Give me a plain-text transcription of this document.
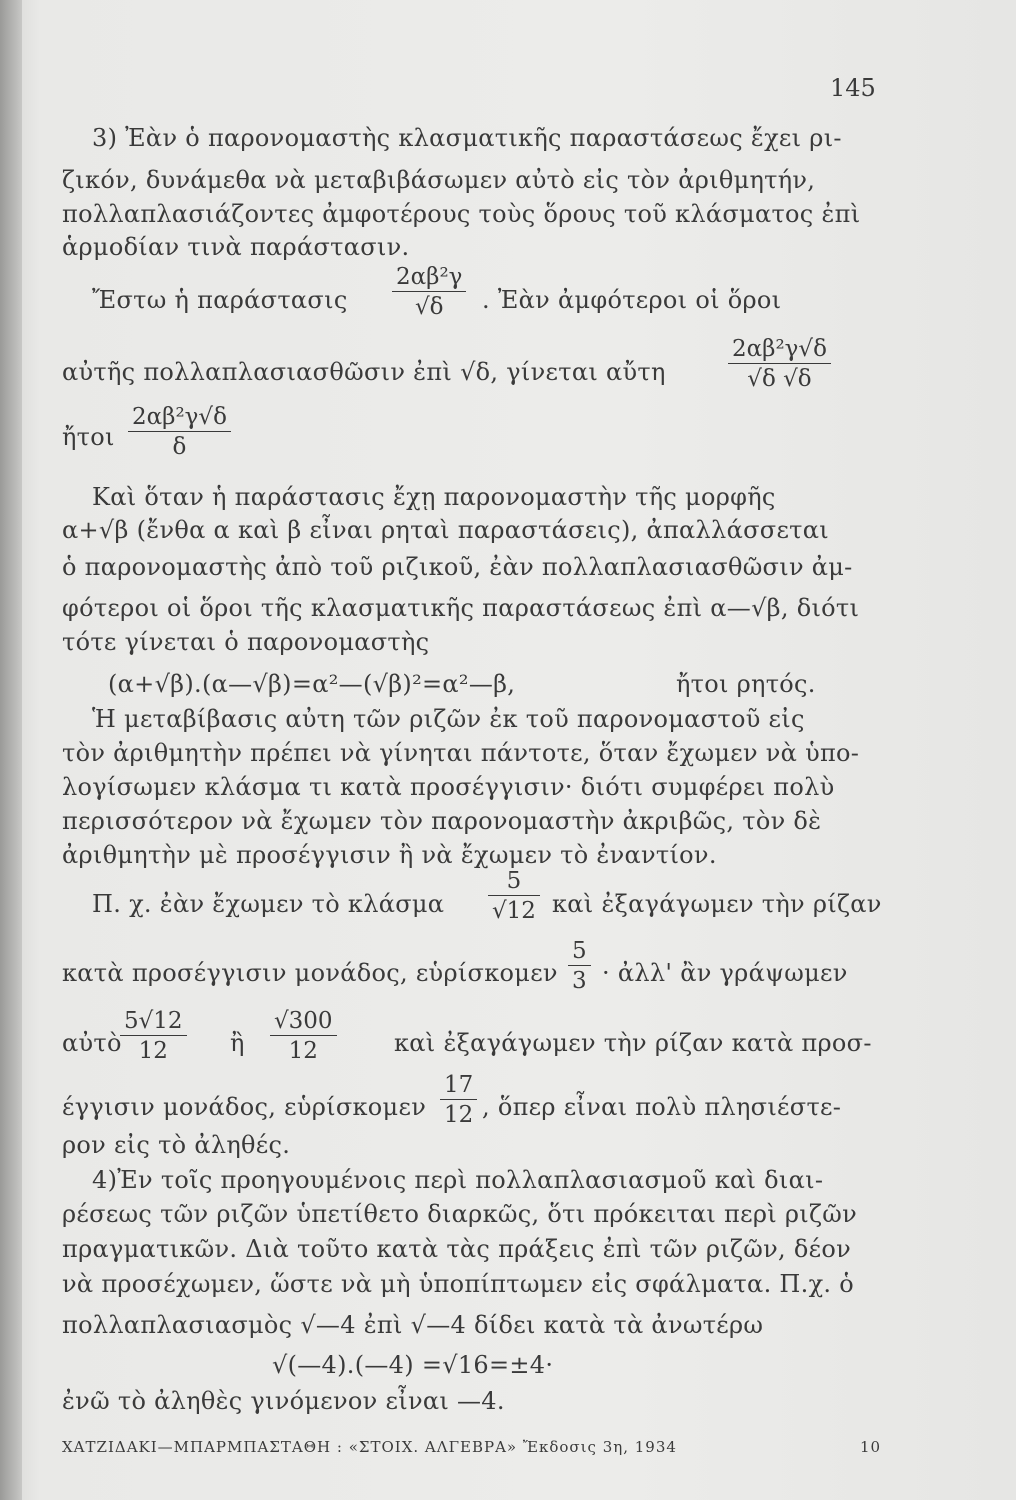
145
3) Ἐὰν ὁ παρονομαστὴς κλασματικῆς παραστάσεως ἔχει ρι-
ζικόν, δυνάμεθα νὰ μεταβιβάσωμεν αὐτὸ εἰς τὸν ἀριθμητήν,
πολλαπλασιάζοντες ἀμφοτέρους τοὺς ὅρους τοῦ κλάσματος ἐπὶ
ἁρμοδίαν τινὰ παράστασιν.
Ἔστω ἡ παράστασις
2αβ²γ
√δ	. Ἐὰν ἀμφότεροι οἱ ὅροι
αὐτῆς πολλαπλασιασθῶσιν ἐπὶ √δ, γίνεται αὔτη
2αβ²γ√δ
√δ √δ
ἤτοι
2αβ²γ√δ
δ
Καὶ ὅταν ἡ παράστασις ἔχῃ παρονομαστὴν τῆς μορφῆς
α+√β (ἔνθα α καὶ β εἶναι ρηταὶ παραστάσεις), ἀπαλλάσσεται
ὁ παρονομαστὴς ἀπὸ τοῦ ριζικοῦ, ἐὰν πολλαπλασιασθῶσιν ἀμ-
φότεροι οἱ ὅροι τῆς κλασματικῆς παραστάσεως ἐπὶ α—√β, διότι
τότε γίνεται ὁ παρονομαστὴς
(α+√β).(α—√β)=α²—(√β)²=α²—β,	ἤτοι ρητός.
Ἡ μεταβίβασις αὐτη τῶν ριζῶν ἐκ τοῦ παρονομαστοῦ εἰς
τὸν ἀριθμητὴν πρέπει νὰ γίνηται πάντοτε, ὅταν ἔχωμεν νὰ ὑπο-
λογίσωμεν κλάσμα τι κατὰ προσέγγισιν· διότι συμφέρει πολὺ
περισσότερον νὰ ἔχωμεν τὸν παρονομαστὴν ἀκριβῶς, τὸν δὲ
ἀριθμητὴν μὲ προσέγγισιν ἢ νὰ ἔχωμεν τὸ ἐναντίον.
Π. χ. ἐὰν ἔχωμεν τὸ κλάσμα
5
√12 καὶ ἐξαγάγωμεν τὴν ρίζαν
κατὰ προσέγγισιν μονάδος, εὑρίσκομεν
5
3 · ἀλλ' ἂν γράψωμεν
αὐτὸ
5√12
12	ἢ
√300
12	καὶ ἐξαγάγωμεν τὴν ρίζαν κατὰ προσ-
έγγισιν μονάδος, εὑρίσκομεν
17
12 , ὅπερ εἶναι πολὺ πλησιέστε-
ρον εἰς τὸ ἀληθές.
4)Ἐν τοῖς προηγουμένοις περὶ πολλαπλασιασμοῦ καὶ διαι-
ρέσεως τῶν ριζῶν ὑπετίθετο διαρκῶς, ὅτι πρόκειται περὶ ριζῶν
πραγματικῶν. Διὰ τοῦτο κατὰ τὰς πράξεις ἐπὶ τῶν ριζῶν, δέον
νὰ προσέχωμεν, ὥστε νὰ μὴ ὑποπίπτωμεν εἰς σφάλματα. Π.χ. ὁ
πολλαπλασιασμὸς √—4 ἐπὶ √—4 δίδει κατὰ τὰ ἀνωτέρω
√(—4).(—4) =√16=±4·
ἐνῶ τὸ ἀληθὲς γινόμενον εἶναι —4.
ΧΑΤΖΙΔΑΚΙ—ΜΠΑΡΜΠΑΣΤΑΘΗ : «ΣΤΟΙΧ. ΑΛΓΕΒΡΑ» Ἔκδοσις 3η, 1934	10
